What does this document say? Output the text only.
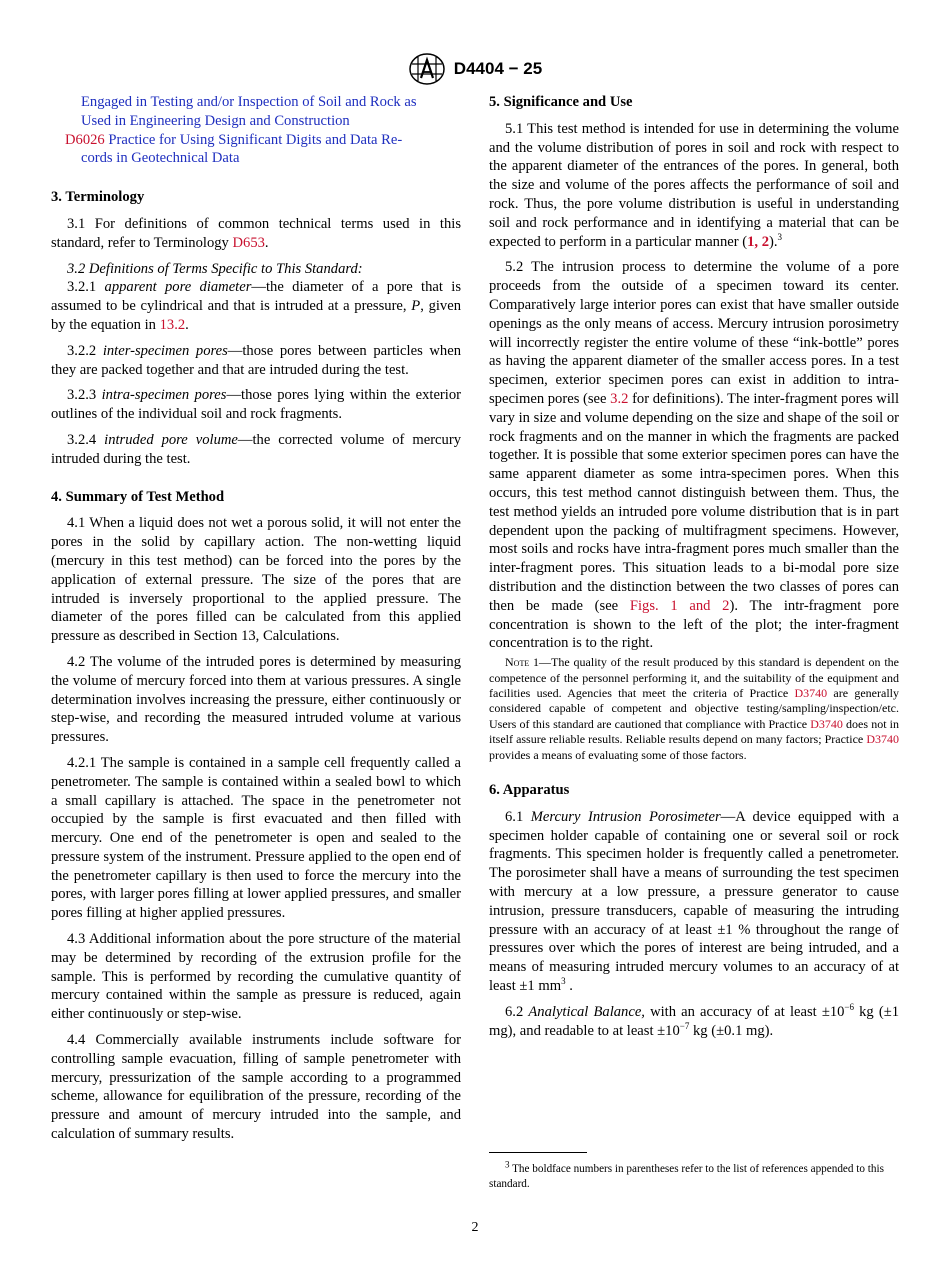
D4404 − 25

Engaged in Testing and/or Inspection of Soil and Rock as
Used in Engineering Design and Construction

D6026 Practice for Using Significant Digits and Data Re-
cords in Geotechnical Data

3. Terminology

3.1 For definitions of common technical terms used in this standard, refer to Terminology D653.

3.2 Definitions of Terms Specific to This Standard:

3.2.1 apparent pore diameter—the diameter of a pore that is assumed to be cylindrical and that is intruded at a pressure, P, given by the equation in 13.2.

3.2.2 inter-specimen pores—those pores between particles when they are packed together and that are intruded during the test.

3.2.3 intra-specimen pores—those pores lying within the exterior outlines of the individual soil and rock fragments.

3.2.4 intruded pore volume—the corrected volume of mercury intruded during the test.

4. Summary of Test Method

4.1 When a liquid does not wet a porous solid, it will not enter the pores in the solid by capillary action. The non-wetting liquid (mercury in this test method) can be forced into the pores by the application of external pressure. The size of the pores that are intruded is inversely proportional to the applied pressure. The diameter of the pores filled can be calculated from this applied pressure as described in Section 13, Calculations.

4.2 The volume of the intruded pores is determined by measuring the volume of mercury forced into them at various pressures. A single determination involves increasing the pressure, either continuously or step-wise, and recording the measured intruded volume at various pressures.

4.2.1 The sample is contained in a sample cell frequently called a penetrometer. The sample is contained within a sealed bowl to which a small capillary is attached. The space in the penetrometer not occupied by the sample is first evacuated and then filled with mercury. One end of the penetrometer is open and sealed to the pressure system of the instrument. Pressure applied to the open end of the penetrometer capillary is then used to force the mercury into the pores, with larger pores filling at lower applied pressures, and smaller pores filling at higher applied pressures.

4.3 Additional information about the pore structure of the material may be determined by recording of the extrusion profile for the sample. This is performed by recording the cumulative quantity of mercury contained within the sample as pressure is reduced, again either continuously or step-wise.

4.4 Commercially available instruments include software for controlling sample evacuation, filling of sample penetrometer with mercury, pressurization of the sample according to a programmed scheme, allowance for equilibration of the pressure, recording of the pressure and amount of mercury intruded into the sample, and calculation of summary results.

5. Significance and Use

5.1 This test method is intended for use in determining the volume and the volume distribution of pores in soil and rock with respect to the apparent diameter of the entrances of the pores. In general, both the size and volume of the pores affects the performance of soil and rock. Thus, the pore volume distribution is useful in understanding soil and rock performance and in identifying a material that can be expected to perform in a particular manner (1, 2).$^3$

5.2 The intrusion process to determine the volume of a pore proceeds from the outside of a specimen toward its center. Comparatively large interior pores can exist that have smaller outside openings as the only means of access. Mercury intrusion porosimetry will incorrectly register the entire volume of these “ink-bottle” pores as having the apparent diameter of the smaller access pores. In a test specimen, exterior specimen pores can exist in addition to intra-specimen pores (see 3.2 for definitions). The inter-fragment pores will vary in size and volume depending on the size and shape of the soil or rock fragments and on the manner in which the fragments are packed together. It is possible that some exterior specimen pores can have the same apparent diameter as some intra-specimen pores. When this occurs, this test method cannot distinguish between them. Thus, the test method yields an intruded pore volume distribution that is in part dependent upon the packing of multifragment specimens. However, most soils and rocks have intra-fragment pores much smaller than the inter-fragment pores. This situation leads to a bi-modal pore size distribution and the distinction between the two classes of pores can then be made (see Figs. 1 and 2). The intr-fragment pore concentration is shown to the left of the plot; the inter-fragment concentration is to the right.

Note 1—The quality of the result produced by this standard is dependent on the competence of the personnel performing it, and the suitability of the equipment and facilities used. Agencies that meet the criteria of Practice D3740 are generally considered capable of competent and objective testing/sampling/inspection/etc. Users of this standard are cautioned that compliance with Practice D3740 does not in itself assure reliable results. Reliable results depend on many factors; Practice D3740 provides a means of evaluating some of those factors.

6. Apparatus

6.1 Mercury Intrusion Porosimeter—A device equipped with a specimen holder capable of containing one or several soil or rock fragments. This specimen holder is frequently called a penetrometer. The porosimeter shall have a means of surrounding the test specimen with mercury at a low pressure, a pressure generator to cause intrusion, pressure transducers, capable of measuring the intruding pressure with an accuracy of at least ±1 % throughout the range of pressures over which the pores of interest are being intruded, and a means of measuring intruded mercury volumes to an accuracy of at least ±1 $mm^3$ .

6.2 Analytical Balance, with an accuracy of at least $\pm 10^{-6}$ kg (±1 mg), and readable to at least $\pm 10^{-7}$ kg (±0.1 mg).

$^3$ The boldface numbers in parentheses refer to the list of references appended to this standard.
2
